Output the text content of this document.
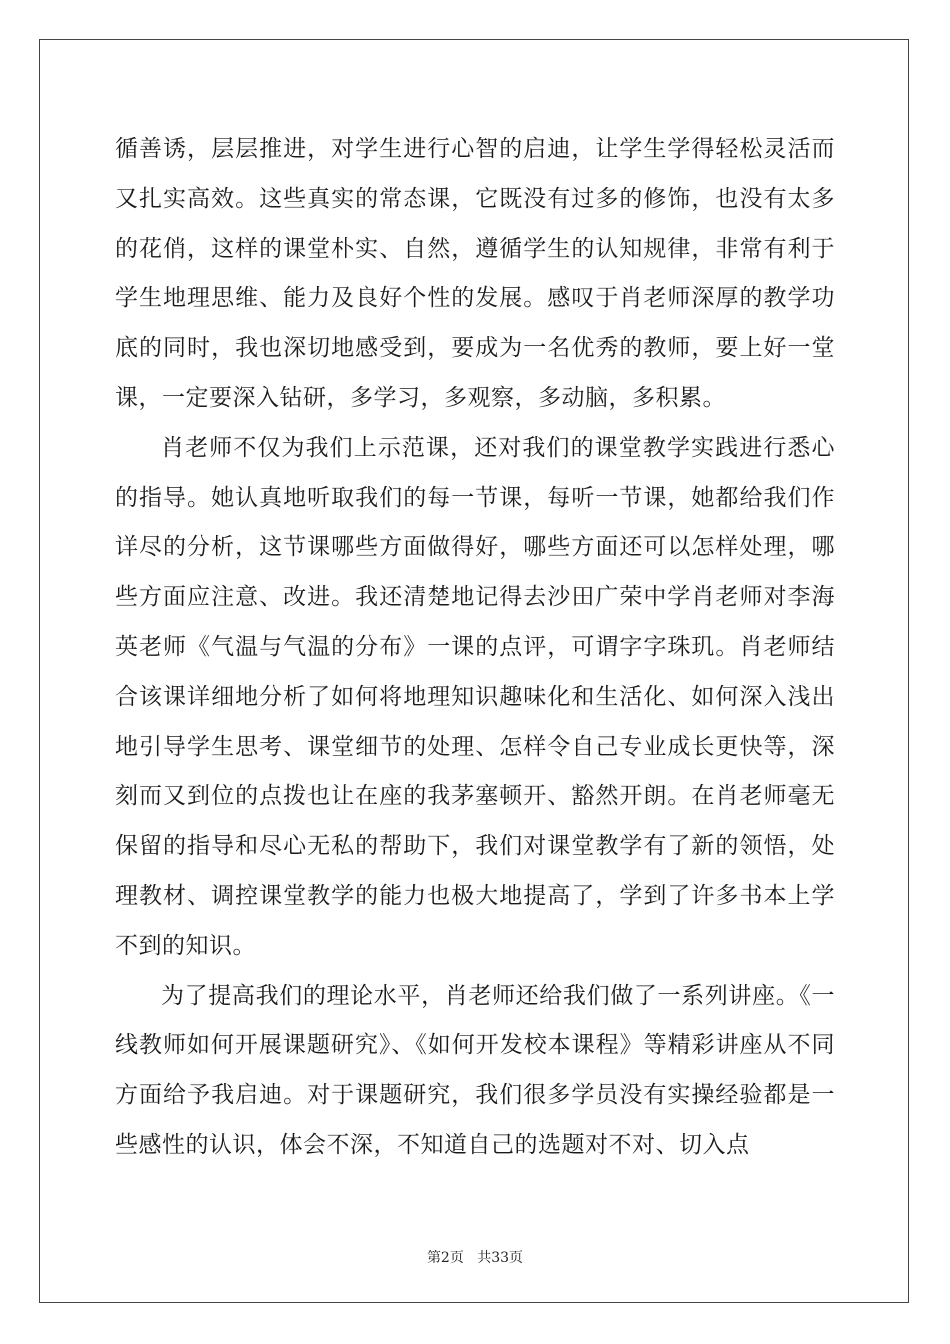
循善诱，层层推进，对学生进行心智的启迪，让学生学得轻松灵活而又扎实高效。这些真实的常态课，它既没有过多的修饰，也没有太多的花俏，这样的课堂朴实、自然，遵循学生的认知规律，非常有利于学生地理思维、能力及良好个性的发展。感叹于肖老师深厚的教学功底的同时，我也深切地感受到，要成为一名优秀的教师，要上好一堂课，一定要深入钻研，多学习，多观察，多动脑，多积累。

肖老师不仅为我们上示范课，还对我们的课堂教学实践进行悉心的指导。她认真地听取我们的每一节课，每听一节课，她都给我们作详尽的分析，这节课哪些方面做得好，哪些方面还可以怎样处理，哪些方面应注意、改进。我还清楚地记得去沙田广荣中学肖老师对李海英老师《气温与气温的分布》一课的点评，可谓字字珠玑。肖老师结合该课详细地分析了如何将地理知识趣味化和生活化、如何深入浅出地引导学生思考、课堂细节的处理、怎样令自己专业成长更快等，深刻而又到位的点拨也让在座的我茅塞顿开、豁然开朗。在肖老师毫无保留的指导和尽心无私的帮助下，我们对课堂教学有了新的领悟，处理教材、调控课堂教学的能力也极大地提高了，学到了许多书本上学不到的知识。

为了提高我们的理论水平，肖老师还给我们做了一系列讲座。《一线教师如何开展课题研究》、《如何开发校本课程》等精彩讲座从不同方面给予我启迪。对于课题研究，我们很多学员没有实操经验都是一些感性的认识，体会不深，不知道自己的选题对不对、切入点

第2页 共33页
